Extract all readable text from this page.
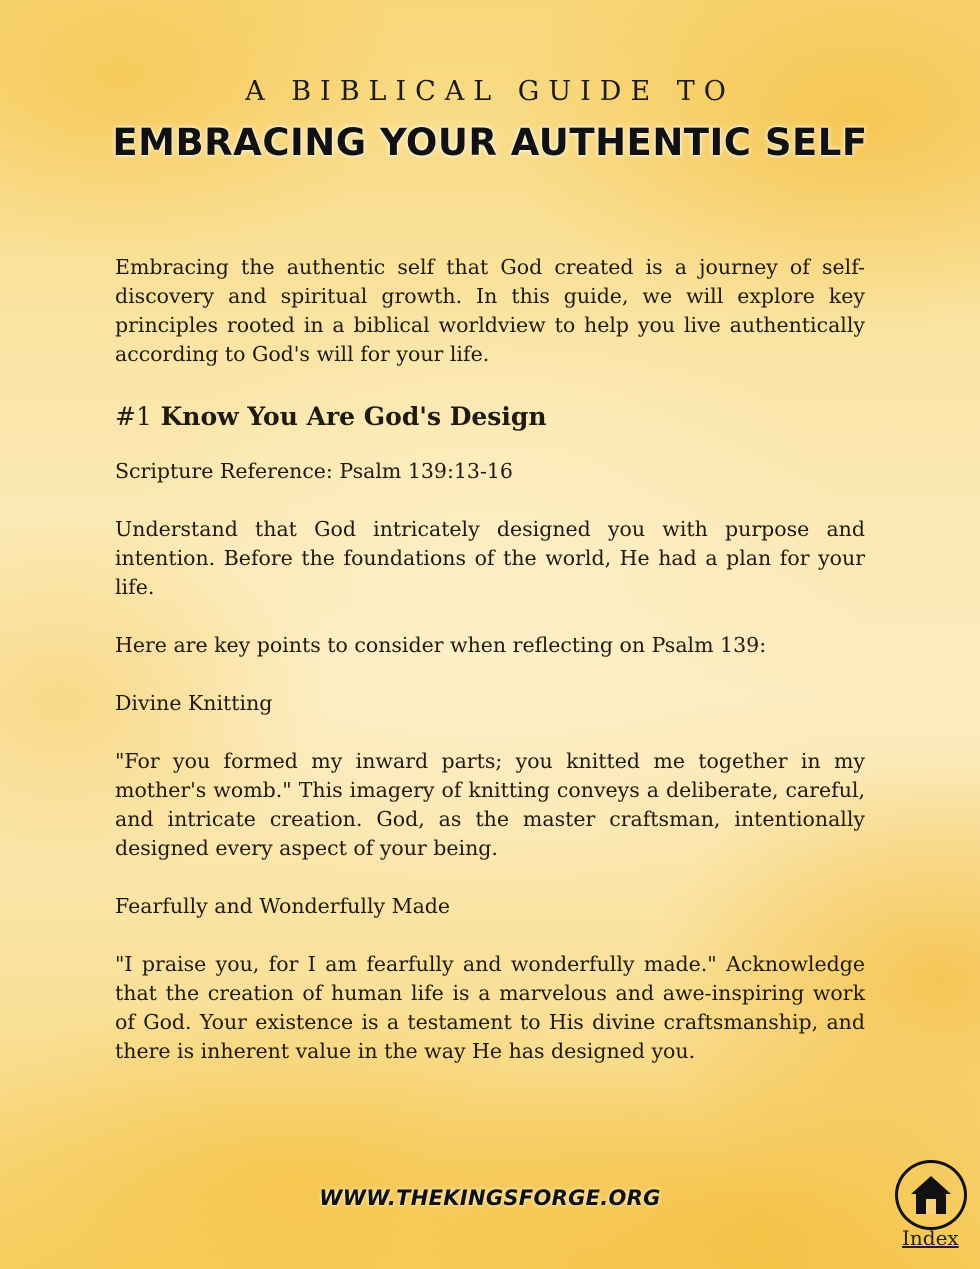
A BIBLICAL GUIDE TO

EMBRACING YOUR AUTHENTIC SELF

Embracing the authentic self that God created is a journey of self-discovery and spiritual growth. In this guide, we will explore key principles rooted in a biblical worldview to help you live authentically according to God's will for your life.

#1 Know You Are God's Design

Scripture Reference: Psalm 139:13-16

Understand that God intricately designed you with purpose and intention. Before the foundations of the world, He had a plan for your life.

Here are key points to consider when reflecting on Psalm 139:

Divine Knitting

"For you formed my inward parts; you knitted me together in my mother's womb." This imagery of knitting conveys a deliberate, careful, and intricate creation. God, as the master craftsman, intentionally designed every aspect of your being.

Fearfully and Wonderfully Made

"I praise you, for I am fearfully and wonderfully made." Acknowledge that the creation of human life is a marvelous and awe-inspiring work of God. Your existence is a testament to His divine craftsmanship, and there is inherent value in the way He has designed you.

WWW.THEKINGSFORGE.ORG
Index
